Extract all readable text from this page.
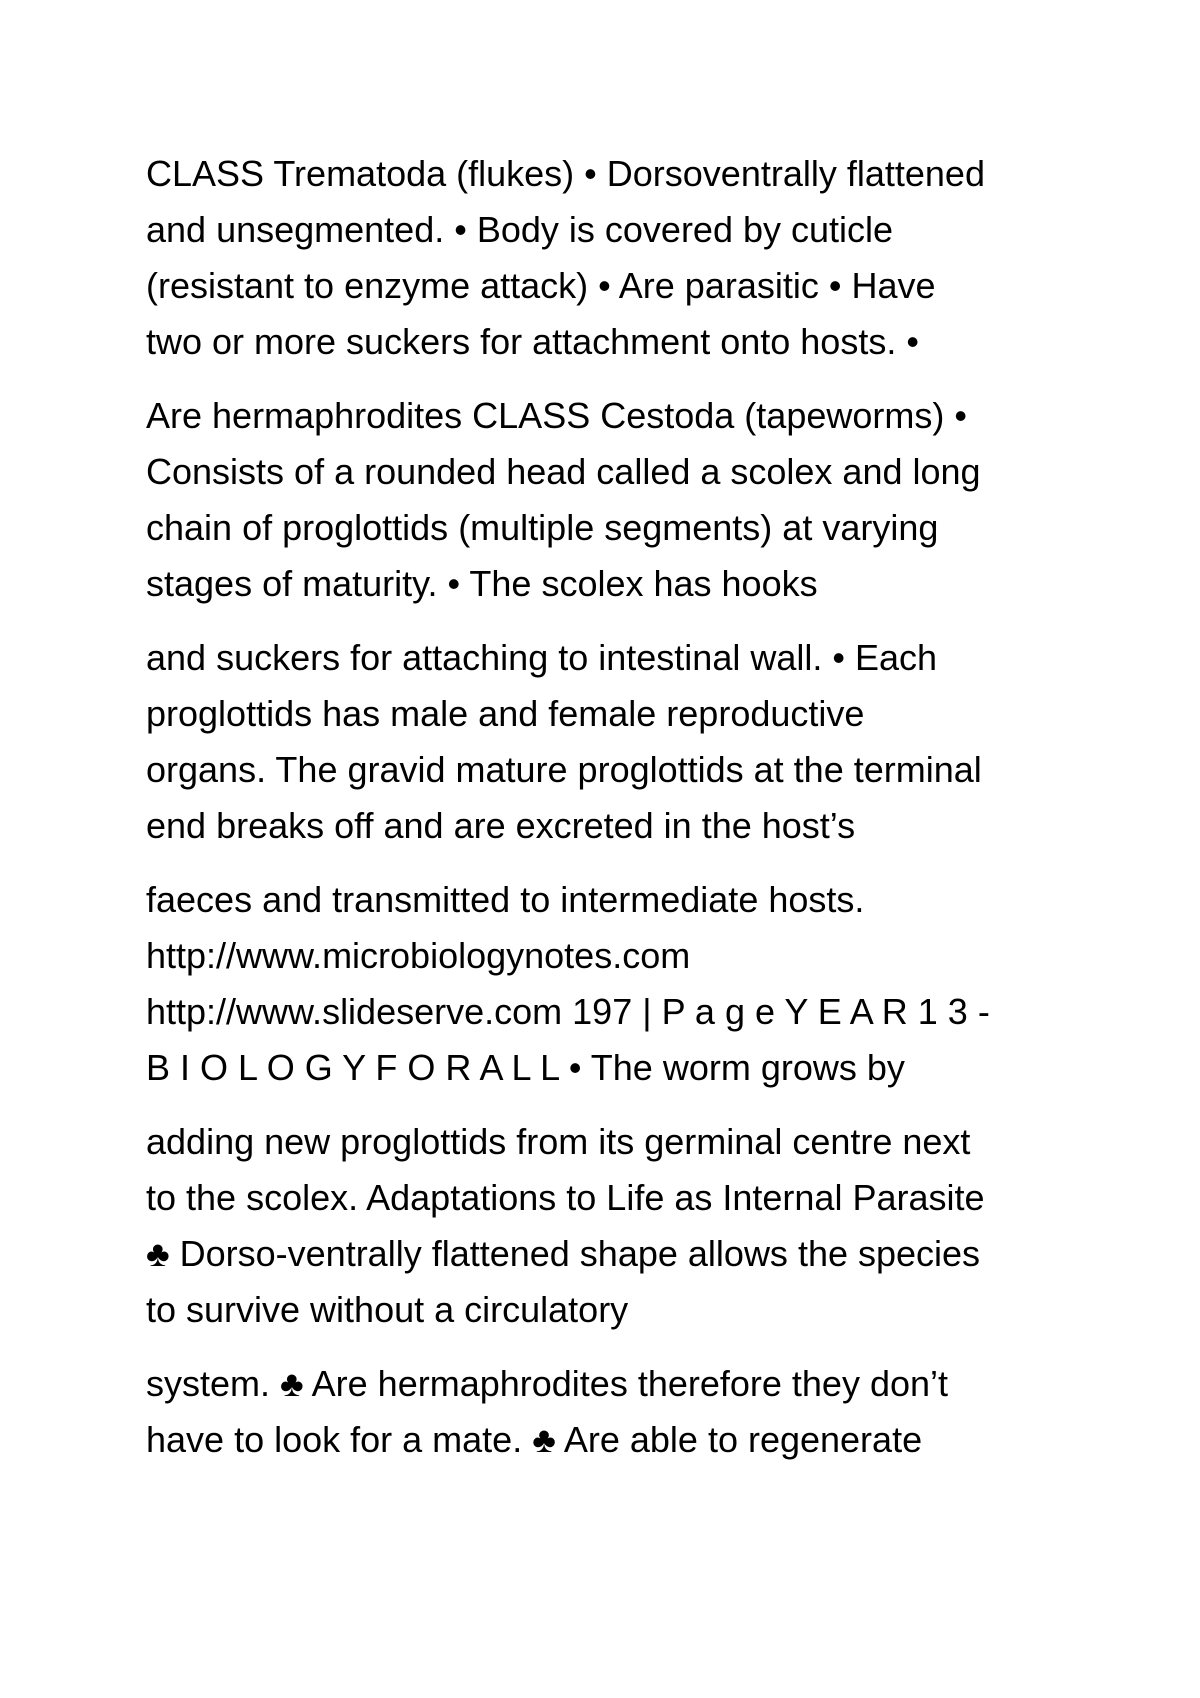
CLASS Trematoda (flukes) • Dorsoventrally flattened
and unsegmented. • Body is covered by cuticle
(resistant to enzyme attack) • Are parasitic • Have
two or more suckers for attachment onto hosts. •
Are hermaphrodites CLASS Cestoda (tapeworms) •
Consists of a rounded head called a scolex and long
chain of proglottids (multiple segments) at varying
stages of maturity. • The scolex has hooks
and suckers for attaching to intestinal wall. • Each
proglottids has male and female reproductive
organs. The gravid mature proglottids at the terminal
end breaks off and are excreted in the host’s
faeces and transmitted to intermediate hosts.
http://www.microbiologynotes.com
http://www.slideserve.com 197 | P a g e Y E A R 1 3 -
B I O L O G Y F O R A L L • The worm grows by
adding new proglottids from its germinal centre next
to the scolex. Adaptations to Life as Internal Parasite
♣ Dorso-ventrally flattened shape allows the species
to survive without a circulatory
system. ♣ Are hermaphrodites therefore they don’t
have to look for a mate. ♣ Are able to regenerate
